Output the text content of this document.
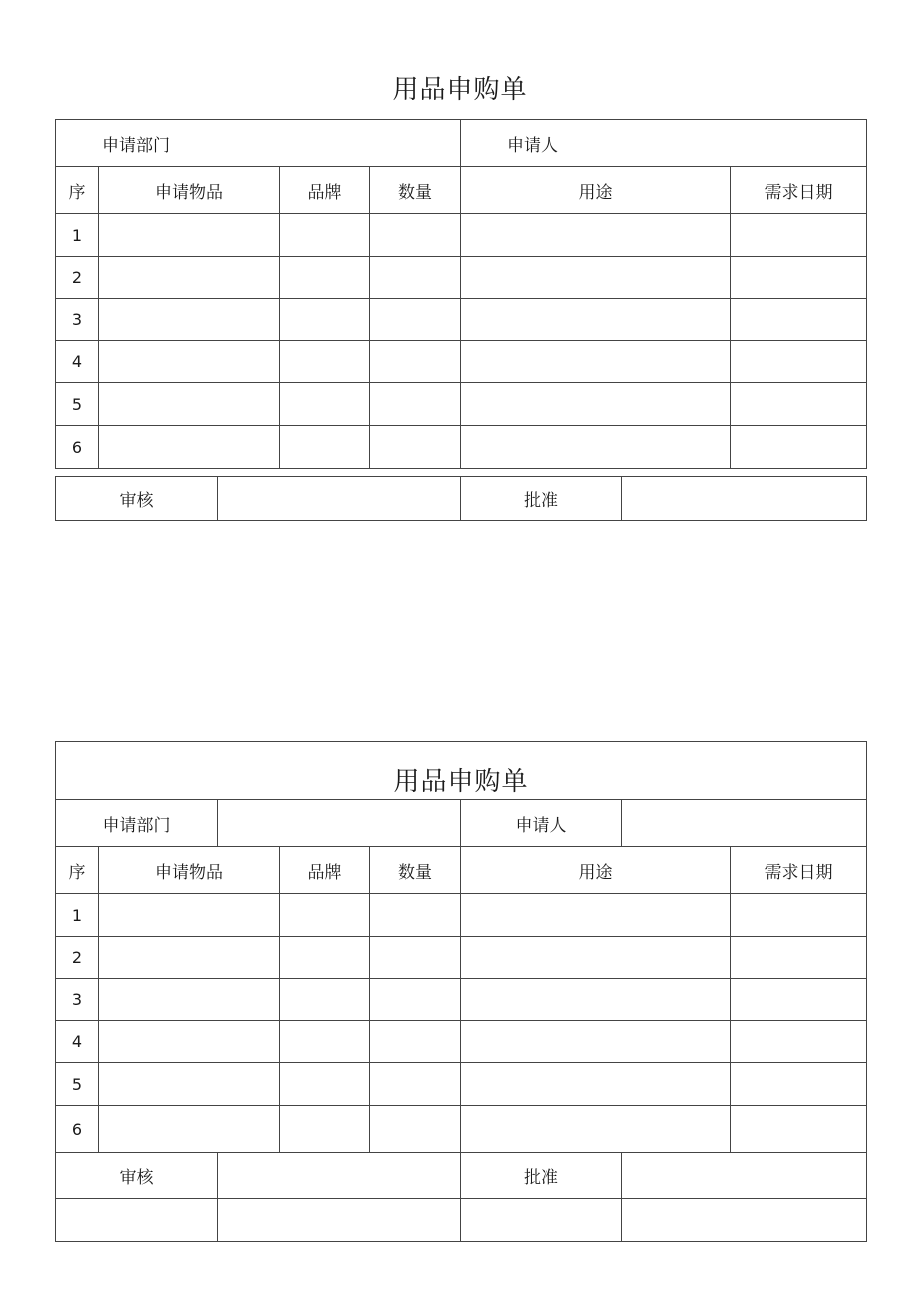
用品申购单
申请部门				申请人	
序	申请物品	品牌	数量	用途	需求日期
1					
2					
3					
4					
5					
6					
审核		批准	
用品申购单							
申请部门					申请人		
序	申请物品		品牌	数量	用途		需求日期
1							
2							
3							
4							
5							
6							
审核					批准		
